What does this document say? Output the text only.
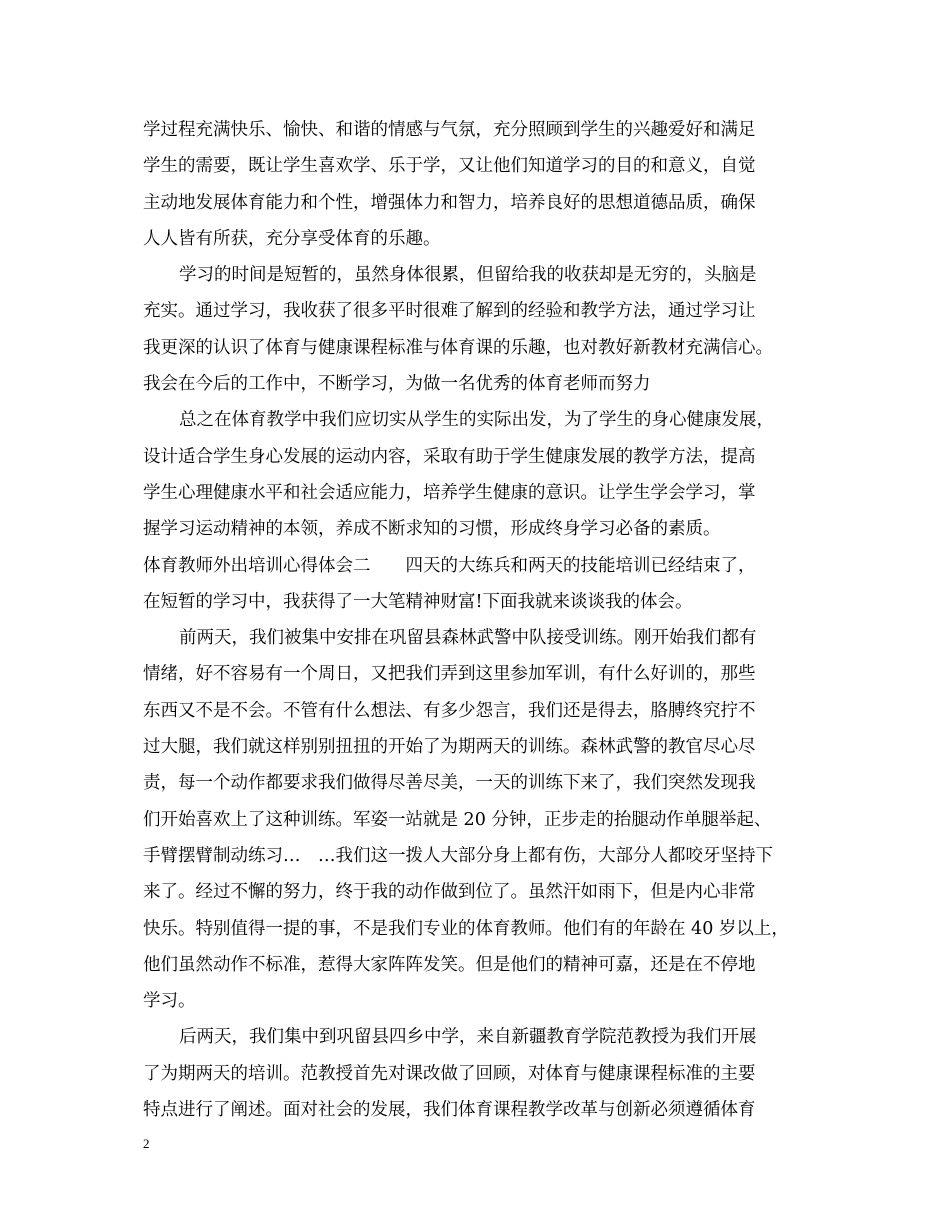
学过程充满快乐、愉快、和谐的情感与气氛，充分照顾到学生的兴趣爱好和满足
学生的需要，既让学生喜欢学、乐于学，又让他们知道学习的目的和意义，自觉
主动地发展体育能力和个性，增强体力和智力，培养良好的思想道德品质，确保
人人皆有所获，充分享受体育的乐趣。
学习的时间是短暂的，虽然身体很累，但留给我的收获却是无穷的，头脑是
充实。通过学习，我收获了很多平时很难了解到的经验和教学方法，通过学习让
我更深的认识了体育与健康课程标准与体育课的乐趣，也对教好新教材充满信心。
我会在今后的工作中，不断学习，为做一名优秀的体育老师而努力
总之在体育教学中我们应切实从学生的实际出发，为了学生的身心健康发展，
设计适合学生身心发展的运动内容，采取有助于学生健康发展的教学方法，提高
学生心理健康水平和社会适应能力，培养学生健康的意识。让学生学会学习，掌
握学习运动精神的本领，养成不断求知的习惯，形成终身学习必备的素质。
体育教师外出培训心得体会二　　四天的大练兵和两天的技能培训已经结束了，
在短暂的学习中，我获得了一大笔精神财富!下面我就来谈谈我的体会。
前两天，我们被集中安排在巩留县森林武警中队接受训练。刚开始我们都有
情绪，好不容易有一个周日，又把我们弄到这里参加军训，有什么好训的，那些
东西又不是不会。不管有什么想法、有多少怨言，我们还是得去，胳膊终究拧不
过大腿，我们就这样别别扭扭的开始了为期两天的训练。森林武警的教官尽心尽
责，每一个动作都要求我们做得尽善尽美，一天的训练下来了，我们突然发现我
们开始喜欢上了这种训练。军姿一站就是 20 分钟，正步走的抬腿动作单腿举起、
手臂摆臂制动练习…　…我们这一拨人大部分身上都有伤，大部分人都咬牙坚持下
来了。经过不懈的努力，终于我的动作做到位了。虽然汗如雨下，但是内心非常
快乐。特别值得一提的事，不是我们专业的体育教师。他们有的年龄在 40 岁以上，
他们虽然动作不标准，惹得大家阵阵发笑。但是他们的精神可嘉，还是在不停地
学习。
后两天，我们集中到巩留县四乡中学，来自新疆教育学院范教授为我们开展
了为期两天的培训。范教授首先对课改做了回顾，对体育与健康课程标准的主要
特点进行了阐述。面对社会的发展，我们体育课程教学改革与创新必须遵循体育
2
